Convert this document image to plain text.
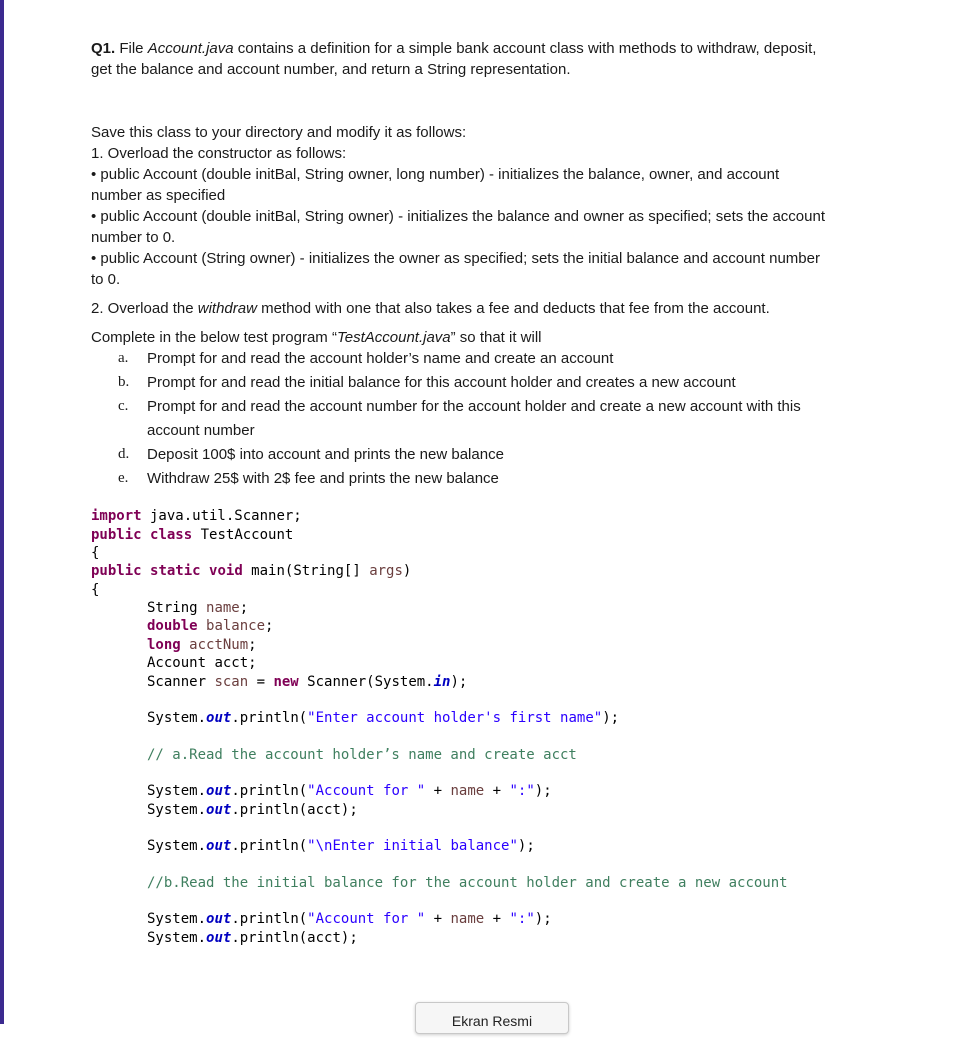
Q1. File Account.java contains a definition for a simple bank account class with methods to withdraw, deposit,
get the balance and account number, and return a String representation.
Save this class to your directory and modify it as follows:
1. Overload the constructor as follows:
• public Account (double initBal, String owner, long number) - initializes the balance, owner, and account
number as specified
• public Account (double initBal, String owner) - initializes the balance and owner as specified; sets the account
number to 0.
• public Account (String owner) - initializes the owner as specified; sets the initial balance and account number
to 0.
2. Overload the withdraw method with one that also takes a fee and deducts that fee from the account.
Complete in the below test program “TestAccount.java” so that it will
a. Prompt for and read the account holder’s name and create an account
b. Prompt for and read the initial balance for this account holder and creates a new account
c. Prompt for and read the account number for the account holder and create a new account with this
account number
d. Deposit 100$ into account and prints the new balance
e. Withdraw 25$ with 2$ fee and prints the new balance
import java.util.Scanner;
public class TestAccount
{
public static void main(String[] args)
{
String name;
double balance;
long acctNum;
Account acct;
Scanner scan = new Scanner(System.in);
System.out.println("Enter account holder's first name");
// a.Read the account holder’s name and create acct
System.out.println("Account for " + name + ":");
System.out.println(acct);
System.out.println("\nEnter initial balance");
//b.Read the initial balance for the account holder and create a new account
System.out.println("Account for " + name + ":");
System.out.println(acct);
Ekran Resmi
